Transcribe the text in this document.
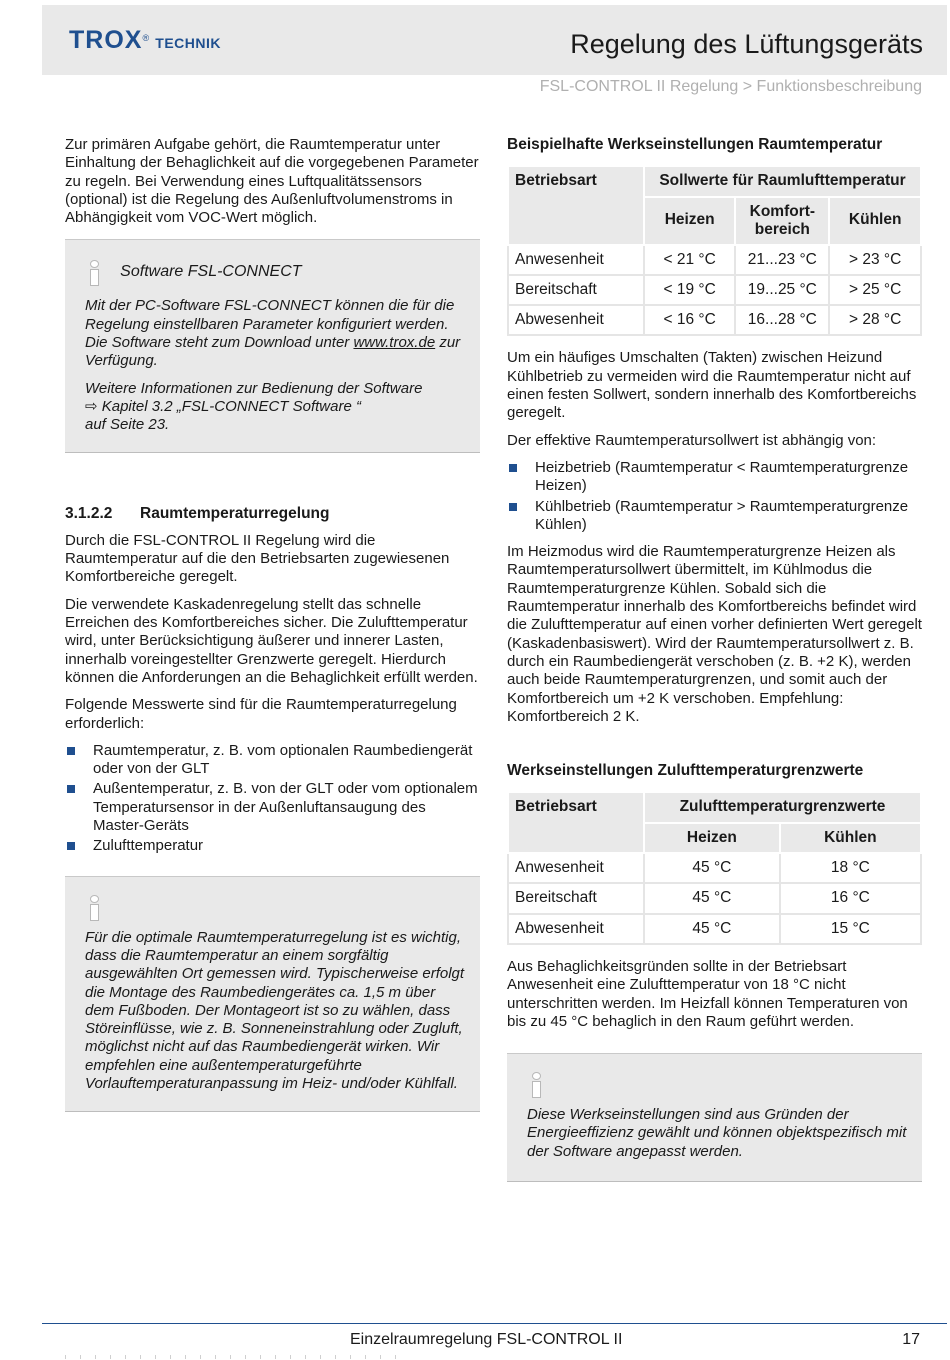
TROX® TECHNIK	Regelung des Lüftungsgeräts
FSL-CONTROL II Regelung > Funktionsbeschreibung

Zur primären Aufgabe gehört, die Raumtemperatur unter Einhaltung der Behaglichkeit auf die vorgegebenen Parameter zu regeln. Bei Verwendung eines Luftqualitätssensors (optional) ist die Regelung des Außenluftvolumenstroms in Abhängigkeit vom VOC-Wert möglich.

Software FSL-CONNECT

Mit der PC-Software FSL-CONNECT können die für die Regelung einstellbaren Parameter konfiguriert werden. Die Software steht zum Download unter www.trox.de zur Verfügung.

Weitere Informationen zur Bedienung der Software
⇨ Kapitel 3.2 „FSL-CONNECT Software “
auf Seite 23.

3.1.2.2 Raumtemperaturregelung

Durch die FSL-CONTROL II Regelung wird die Raumtemperatur auf die den Betriebsarten zugewiesenen Komfortbereiche geregelt.

Die verwendete Kaskadenregelung stellt das schnelle Erreichen des Komfortbereiches sicher. Die Zulufttemperatur wird, unter Berücksichtigung äußerer und innerer Lasten, innerhalb voreingestellter Grenzwerte geregelt. Hierdurch können die Anforderungen an die Behaglichkeit erfüllt werden.

Folgende Messwerte sind für die Raumtemperaturregelung erforderlich:

Raumtemperatur, z. B. vom optionalen Raumbediengerät oder von der GLT
Außentemperatur, z. B. von der GLT oder vom optionalem Temperatursensor in der Außenluftansaugung des Master-Geräts
Zulufttemperatur

Für die optimale Raumtemperaturregelung ist es wichtig, dass die Raumtemperatur an einem sorgfältig ausgewählten Ort gemessen wird. Typischerweise erfolgt die Montage des Raumbediengerätes ca. 1,5 m über dem Fußboden. Der Montageort ist so zu wählen, dass Störeinflüsse, wie z. B. Sonneneinstrahlung oder Zugluft, möglichst nicht auf das Raumbediengerät wirken. Wir empfehlen eine außentemperaturgeführte Vorlauftemperaturanpassung im Heiz- und/oder Kühlfall.

Beispielhafte Werkseinstellungen Raumtemperatur
Betriebsart	Sollwerte für Raumlufttemperatur		
	Heizen	Komfort-bereich	Kühlen
Anwesenheit	< 21 °C	21...23 °C	> 23 °C
Bereitschaft	< 19 °C	19...25 °C	> 25 °C
Abwesenheit	< 16 °C	16...28 °C	> 28 °C

Um ein häufiges Umschalten (Takten) zwischen Heizund Kühlbetrieb zu vermeiden wird die Raumtemperatur nicht auf einen festen Sollwert, sondern innerhalb des Komfortbereichs geregelt.

Der effektive Raumtemperatursollwert ist abhängig von:

Heizbetrieb (Raumtemperatur < Raumtemperaturgrenze Heizen)
Kühlbetrieb (Raumtemperatur > Raumtemperaturgrenze Kühlen)

Im Heizmodus wird die Raumtemperaturgrenze Heizen als Raumtemperatursollwert übermittelt, im Kühlmodus die Raumtemperaturgrenze Kühlen. Sobald sich die Raumtemperatur innerhalb des Komfortbereichs befindet wird die Zulufttemperatur auf einen vorher definierten Wert geregelt (Kaskadenbasiswert). Wird der Raumtemperatursollwert z. B. durch ein Raumbediengerät verschoben (z. B. +2 K), werden auch beide Raumtemperaturgrenzen, und somit auch der Komfortbereich um +2 K verschoben. Empfehlung: Komfortbereich 2 K.

Werkseinstellungen Zulufttemperaturgrenzwerte
Betriebsart	Zulufttemperaturgrenzwerte	
	Heizen	Kühlen
Anwesenheit	45 °C	18 °C
Bereitschaft	45 °C	16 °C
Abwesenheit	45 °C	15 °C

Aus Behaglichkeitsgründen sollte in der Betriebsart Anwesenheit eine Zulufttemperatur von 18 °C nicht unterschritten werden. Im Heizfall können Temperaturen von bis zu 45 °C behaglich in den Raum geführt werden.

Diese Werkseinstellungen sind aus Gründen der Energieeffizienz gewählt und können objektspezifisch mit der Software angepasst werden.

Einzelraumregelung FSL-CONTROL II	17
